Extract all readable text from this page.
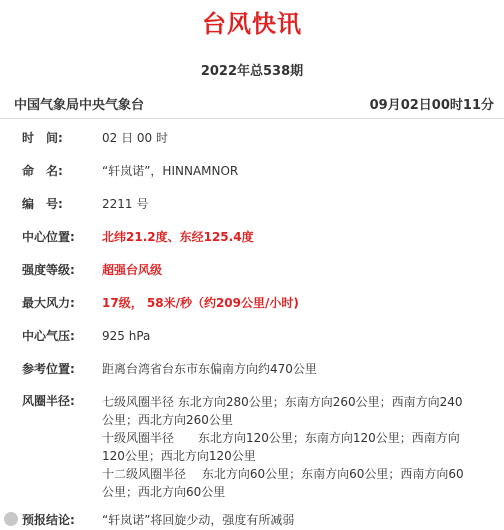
台风快讯
2022年总538期
中国气象局中央气象台	09月02日00时11分
时　间:	02 日 00 时
命　名:	“轩岚诺”，HINNAMNOR
编　号:	2211 号
中心位置:	北纬21.2度、东经125.4度
强度等级:	超强台风级
最大风力:	17级， 58米/秒（约209公里/小时)
中心气压:	925 hPa
参考位置:	距离台湾省台东市东偏南方向约470公里
风圈半径:	七级风圈半径 东北方向280公里；东南方向260公里；西南方向240
公里；西北方向260公里
十级风圈半径　　东北方向120公里；东南方向120公里；西南方向
120公里；西北方向120公里
十二级风圈半径　 东北方向60公里；东南方向60公里；西南方向60
公里；西北方向60公里
预报结论:	“轩岚诺”将回旋少动，强度有所减弱
